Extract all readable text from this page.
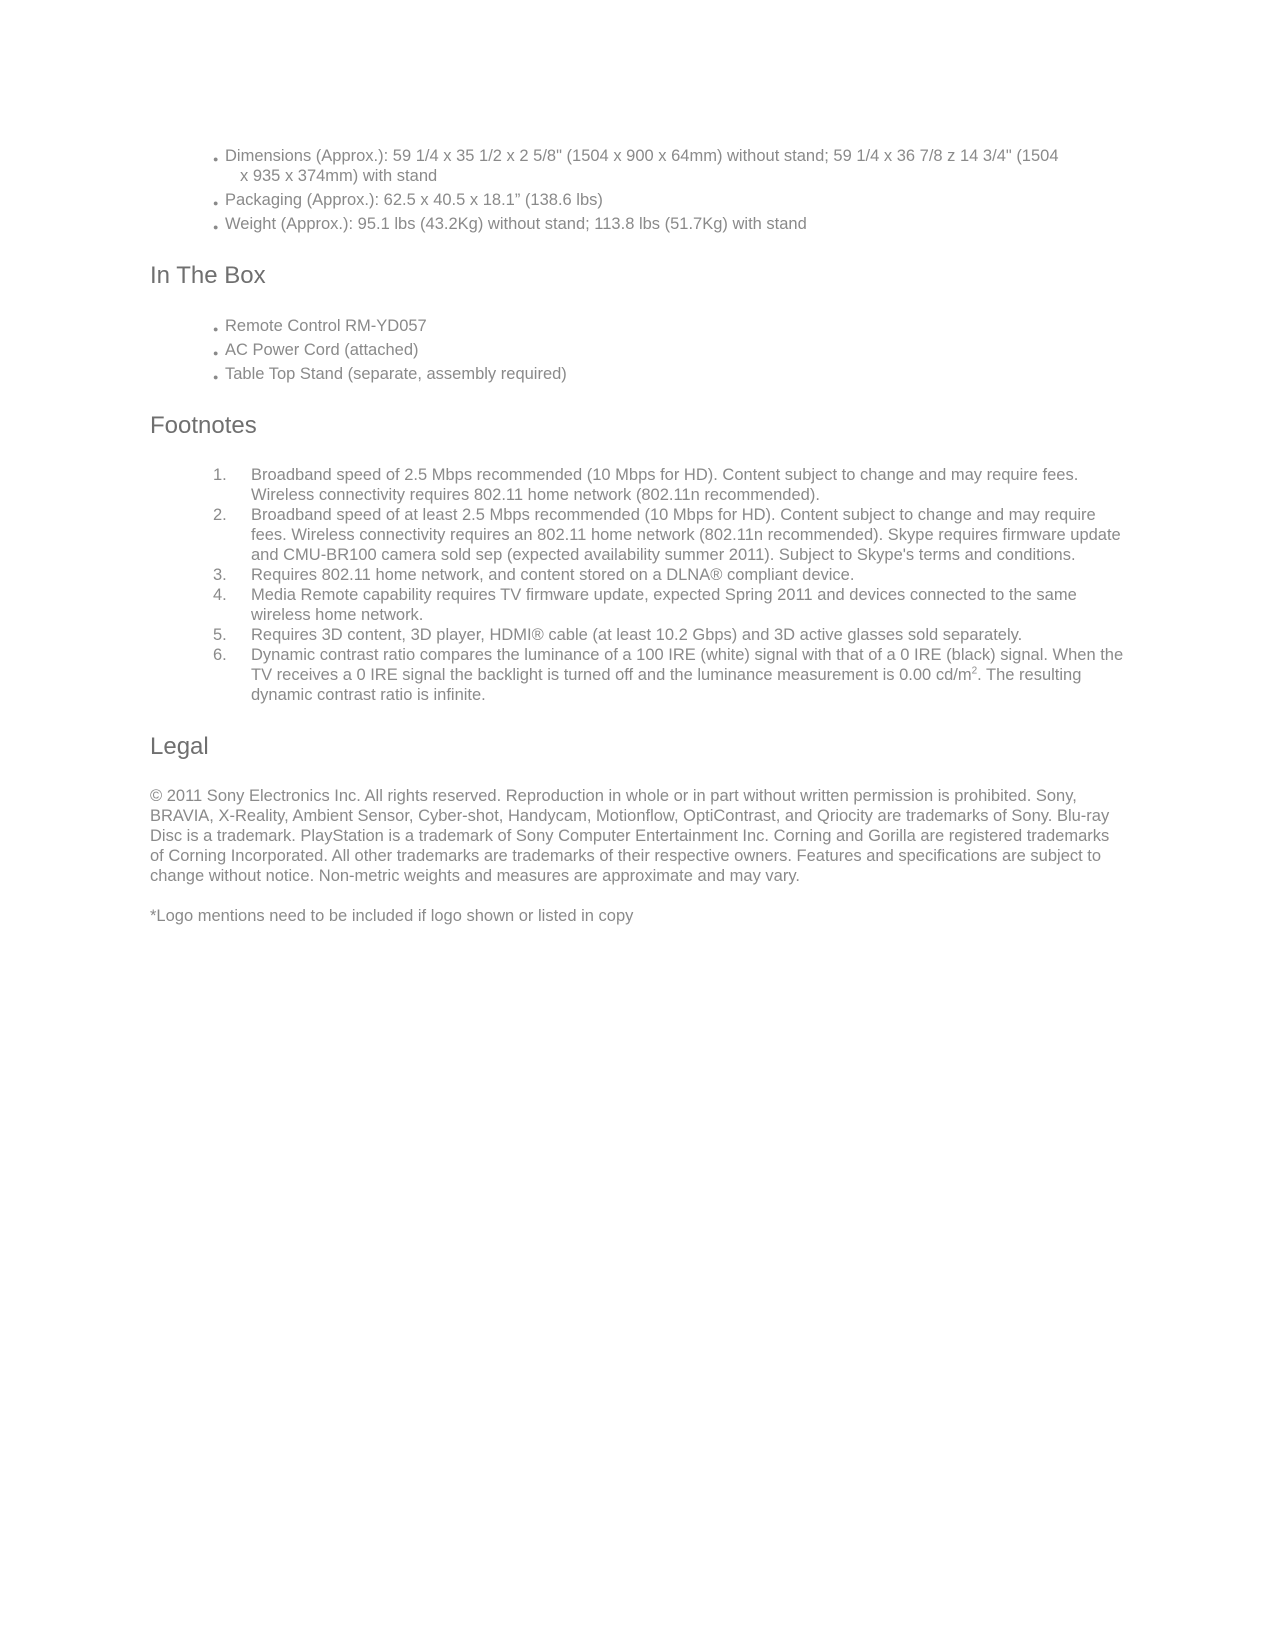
● Dimensions (Approx.): 59 1/4 x 35 1/2 x 2 5/8" (1504 x 900 x 64mm) without stand; 59 1/4 x 36 7/8 z 14 3/4" (1504
x 935 x 374mm) with stand
● Packaging (Approx.): 62.5 x 40.5 x 18.1” (138.6 lbs)
● Weight (Approx.): 95.1 lbs (43.2Kg) without stand; 113.8 lbs (51.7Kg) with stand
In The Box
● Remote Control RM-YD057
● AC Power Cord (attached)
● Table Top Stand (separate, assembly required)
Footnotes
1. Broadband speed of 2.5 Mbps recommended (10 Mbps for HD). Content subject to change and may require fees. Wireless connectivity requires 802.11 home network (802.11n recommended).
2. Broadband speed of at least 2.5 Mbps recommended (10 Mbps for HD). Content subject to change and may require fees. Wireless connectivity requires an 802.11 home network (802.11n recommended). Skype requires firmware update and CMU-BR100 camera sold sep (expected availability summer 2011). Subject to Skype's terms and conditions.
3. Requires 802.11 home network, and content stored on a DLNA® compliant device.
4. Media Remote capability requires TV firmware update, expected Spring 2011 and devices connected to the same wireless home network.
5. Requires 3D content, 3D player, HDMI® cable (at least 10.2 Gbps) and 3D active glasses sold separately.
6. Dynamic contrast ratio compares the luminance of a 100 IRE (white) signal with that of a 0 IRE (black) signal. When the TV receives a 0 IRE signal the backlight is turned off and the luminance measurement is 0.00 $cd/m^2$. The resulting dynamic contrast ratio is infinite.
Legal

© 2011 Sony Electronics Inc. All rights reserved. Reproduction in whole or in part without written permission is prohibited. Sony, BRAVIA, X-Reality, Ambient Sensor, Cyber-shot, Handycam, Motionflow, OptiContrast, and Qriocity are trademarks of Sony. Blu-ray Disc is a trademark. PlayStation is a trademark of Sony Computer Entertainment Inc. Corning and Gorilla are registered trademarks of Corning Incorporated. All other trademarks are trademarks of their respective owners. Features and specifications are subject to change without notice. Non-metric weights and measures are approximate and may vary.

*Logo mentions need to be included if logo shown or listed in copy
